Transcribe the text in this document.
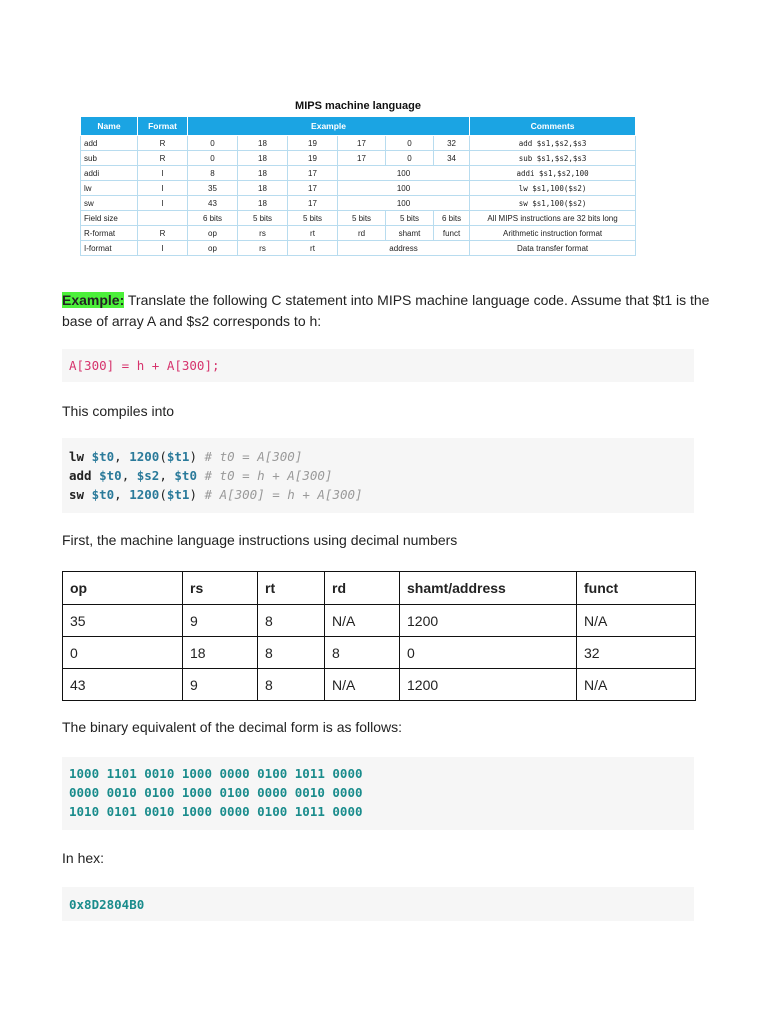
MIPS machine language
Name	Format	Example						Comments
add	R	0	18	19	17	0	32	add $s1,$s2,$s3
sub	R	0	18	19	17	0	34	sub $s1,$s2,$s3
addi	I	8	18	17	100			addi $s1,$s2,100
lw	I	35	18	17	100			lw $s1,100($s2)
sw	I	43	18	17	100			sw $s1,100($s2)
Field size		6 bits	5 bits	5 bits	5 bits	5 bits	6 bits	All MIPS instructions are 32 bits long
R-format	R	op	rs	rt	rd	shamt	funct	Arithmetic instruction format
I-format	I	op	rs	rt	address			Data transfer format

Example: Translate the following C statement into MIPS machine language code. Assume that $t1 is the base of array A and $s2 corresponds to h:

A[300] = h + A[300];

This compiles into

lw $t0, 1200($t1) # t0 = A[300]
add $t0, $s2, $t0 # t0 = h + A[300]
sw $t0, 1200($t1) # A[300] = h + A[300]

First, the machine language instructions using decimal numbers

op	rs	rt	rd	shamt/address	funct
35	9	8	N/A	1200	N/A
0	18	8	8	0	32
43	9	8	N/A	1200	N/A

The binary equivalent of the decimal form is as follows:

1000 1101 0010 1000 0000 0100 1011 0000
0000 0010 0100 1000 0100 0000 0010 0000
1010 0101 0010 1000 0000 0100 1011 0000

In hex:

0x8D2804B0
